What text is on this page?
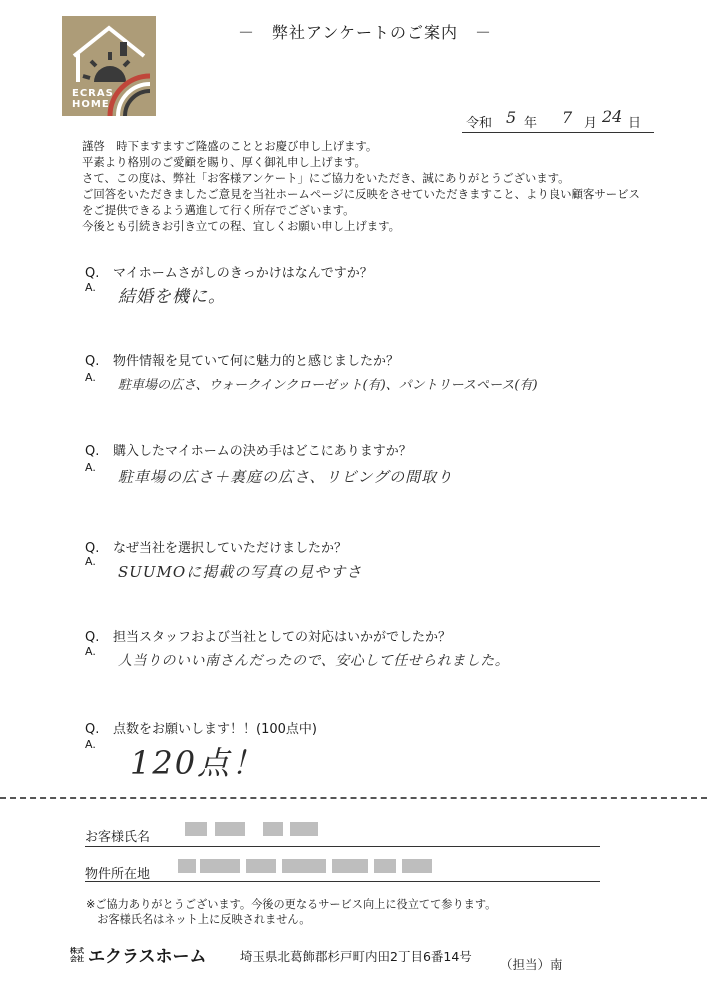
ECRAS
HOME
－　弊社アンケートのご案内　－
令和 5 年 7 月 24 日
謹啓　時下ますますご隆盛のこととお慶び申し上げます。
平素より格別のご愛顧を賜り、厚く御礼申し上げます。
さて、この度は、弊社「お客様アンケート」にご協力をいただき、誠にありがとうございます。
ご回答をいただきましたご意見を当社ホームページに反映をさせていただきますこと、より良い顧客サービス
をご提供できるよう邁進して行く所存でございます。
今後とも引続きお引き立ての程、宜しくお願い申し上げます。
Q. マイホームさがしのきっかけはなんですか？
A. 結婚を機に。
Q. 物件情報を見ていて何に魅力的と感じましたか？
A.
駐車場の広さ、ウォークインクローゼット(有)、パントリースペース(有)
Q. 購入したマイホームの決め手はどこにありますか？
A.
駐車場の広さ＋裏庭の広さ、リビングの間取り
Q. なぜ当社を選択していただけましたか？
A.
SUUMOに掲載の写真の見やすさ
Q. 担当スタッフおよび当社としての対応はいかがでしたか？
A.
人当りのいい南さんだったので、安心して任せられました。
Q. 点数をお願いします！！(100点中)
A. 120点！
お客様氏名
物件所在地
※ご協力ありがとうございます。今後の更なるサービス向上に役立てて参ります。
　お客様氏名はネット上に反映されません。
株式
会社 エクラスホーム	埼玉県北葛飾郡杉戸町内田2丁目6番14号
（担当）南
